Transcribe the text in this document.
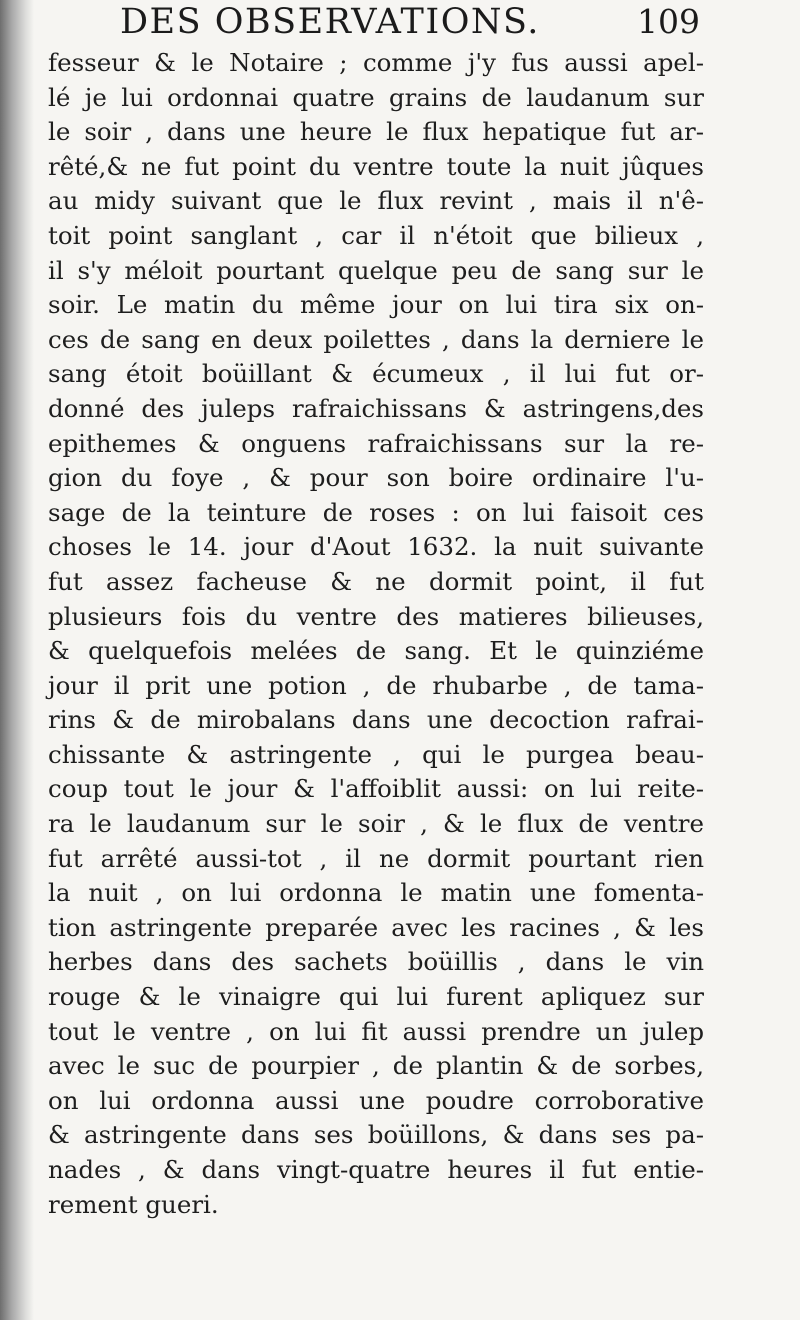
DES OBSERVATIONS.	109
fesseur & le Notaire ; comme j'y fus aussi apel-
lé je lui ordonnai quatre grains de laudanum sur
le soir , dans une heure le flux hepatique fut ar-
rêté,& ne fut point du ventre toute la nuit jûques
au midy suivant que le flux revint , mais il n'ê-
toit point sanglant , car il n'étoit que bilieux ,
il s'y méloit pourtant quelque peu de sang sur le
soir. Le matin du même jour on lui tira six on-
ces de sang en deux poilettes , dans la derniere le
sang étoit boüillant & écumeux , il lui fut or-
donné des juleps rafraichissans & astringens,des
epithemes & onguens rafraichissans sur la re-
gion du foye , & pour son boire ordinaire l'u-
sage de la teinture de roses : on lui faisoit ces
choses le 14. jour d'Aout 1632. la nuit suivante
fut assez facheuse & ne dormit point, il fut
plusieurs fois du ventre des matieres bilieuses,
& quelquefois melées de sang. Et le quinziéme
jour il prit une potion , de rhubarbe , de tama-
rins & de mirobalans dans une decoction rafrai-
chissante & astringente , qui le purgea beau-
coup tout le jour & l'affoiblit aussi: on lui reite-
ra le laudanum sur le soir , & le flux de ventre
fut arrêté aussi-tot , il ne dormit pourtant rien
la nuit , on lui ordonna le matin une fomenta-
tion astringente preparée avec les racines , & les
herbes dans des sachets boüillis , dans le vin
rouge & le vinaigre qui lui furent apliquez sur
tout le ventre , on lui fit aussi prendre un julep
avec le suc de pourpier , de plantin & de sorbes,
on lui ordonna aussi une poudre corroborative
& astringente dans ses boüillons, & dans ses pa-
nades , & dans vingt-quatre heures il fut entie-
rement gueri.
